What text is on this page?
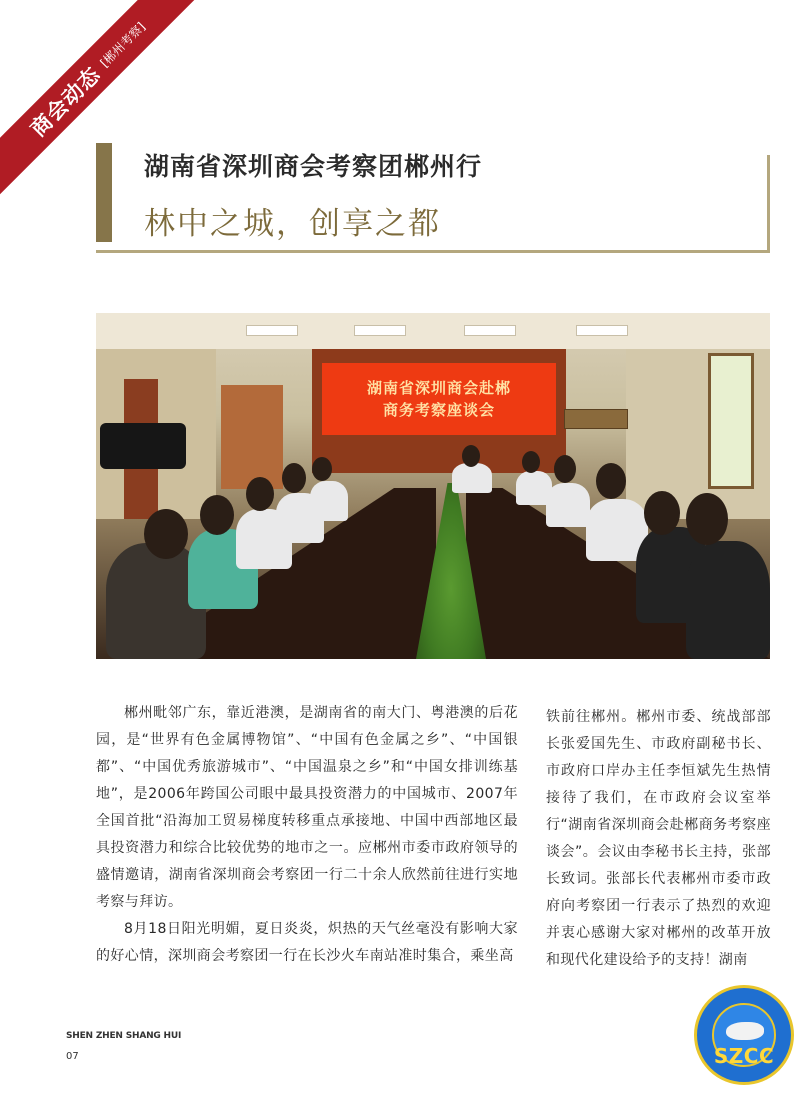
商会动态
[郴州考察]
湖南省深圳商会考察团郴州行
林中之城，创享之都
湖南省深圳商会赴郴
商务考察座谈会

郴州毗邻广东，靠近港澳，是湖南省的南大门、粤港澳的后花园，是“世界有色金属博物馆”、“中国有色金属之乡”、“中国银都”、“中国优秀旅游城市”、“中国温泉之乡”和“中国女排训练基地”，是2006年跨国公司眼中最具投资潜力的中国城市、2007年全国首批“沿海加工贸易梯度转移重点承接地、中国中西部地区最具投资潜力和综合比较优势的地市之一。应郴州市委市政府领导的盛情邀请，湖南省深圳商会考察团一行二十余人欣然前往进行实地考察与拜访。

8月18日阳光明媚，夏日炎炎，炽热的天气丝毫没有影响大家的好心情，深圳商会考察团一行在长沙火车南站准时集合，乘坐高

铁前往郴州。郴州市委、统战部部长张爱国先生、市政府副秘书长、市政府口岸办主任李恒斌先生热情接待了我们，在市政府会议室举行“湖南省深圳商会赴郴商务考察座谈会”。会议由李秘书长主持，张部长致词。张部长代表郴州市委市政府向考察团一行表示了热烈的欢迎并衷心感谢大家对郴州的改革开放和现代化建设给予的支持！湖南

SHEN ZHEN SHANG HUI
07	SZCC
